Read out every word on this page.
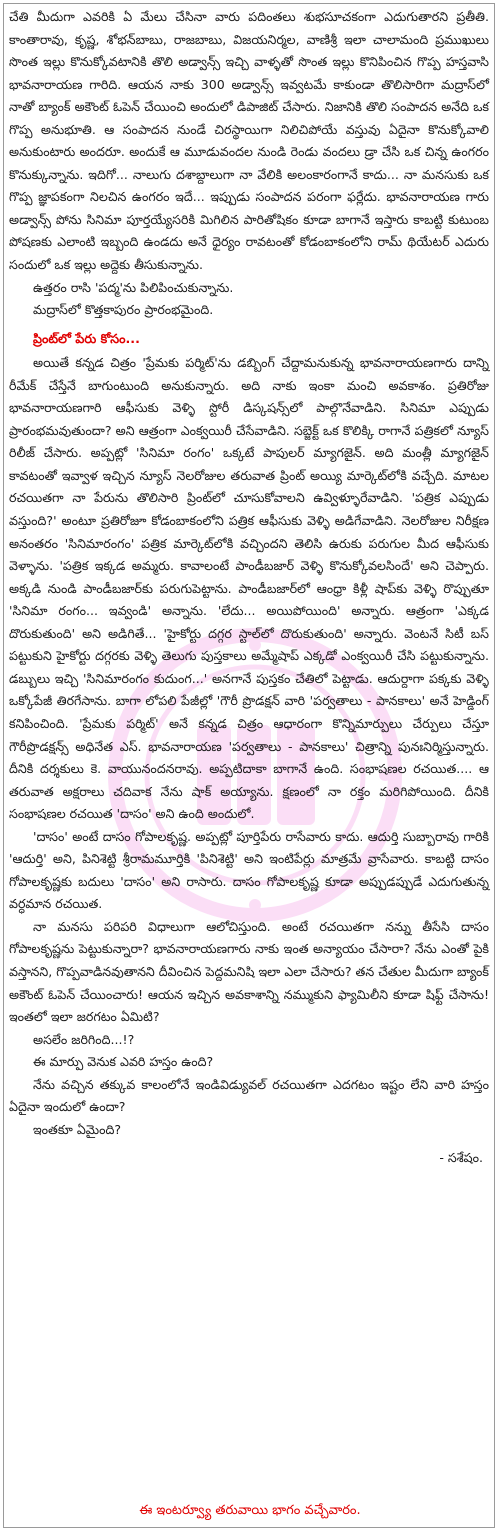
చేతి మీదుగా ఎవరికి ఏ మేలు చేసినా వారు పదింతలు శుభసూచకంగా ఎదుగుతారని ప్రతీతి. కాంతారావు, కృష్ణ, శోభన్‌బాబు, రాజబాబు, విజయనిర్మల, వాణిశ్రీ ఇలా చాలామంది ప్రముఖులు సొంత ఇల్లు కొనుక్కోవటానికి తొలి అడ్వాన్స్ ఇచ్చి వాళ్ళతో సొంత ఇల్లు కొనిపించిన గొప్ప హస్తవాసి భావనారాయణ గారిది. ఆయన నాకు 300 అడ్వాన్స్ ఇవ్వటమే కాకుండా తొలిసారిగా మద్రాస్‌లో నాతో బ్యాంక్ అకౌంట్ ఓపెన్ చేయించి అందులో డిపాజిట్ చేసారు. నిజానికి తొలి సంపాదన అనేది ఒక గొప్ప అనుభూతి. ఆ సంపాదన నుండే చిరస్థాయిగా నిలిచిపోయే వస్తువు ఏదైనా కొనుక్కోవాలి అనుకుంటారు అందరూ. అందుకే ఆ మూడువందల నుండి రెండు వందలు డ్రా చేసి ఒక చిన్న ఉంగరం కొనుక్కున్నాను. ఇదిగో... నాలుగు దశాబ్దాలుగా నా వేలికి అలంకారంగానే కాదు... నా మనసుకు ఒక గొప్ప జ్ఞాపకంగా నిలచిన ఉంగరం ఇదే... ఇప్పుడు సంపాదన పరంగా ఫర్లేదు. భావనారాయణ గారు అడ్వాన్స్ పోను సినిమా పూర్తయ్యేసరికి మిగిలిన పారితోషికం కూడా బాగానే ఇస్తారు కాబట్టి కుటుంబ పోషణకు ఎలాంటి ఇబ్బంది ఉండదు అనే ధైర్యం రావటంతో కోడంబాకంలోని రామ్ థియేటర్ ఎదురు సందులో ఒక ఇల్లు అద్దెకు తీసుకున్నాను.

ఉత్తరం రాసి 'పద్మ'ను పిలిపించుకున్నాను.

మద్రాస్‌లో కొత్తకాపురం ప్రారంభమైంది.

ప్రింట్‌లో పేరు కోసం...

అయితే కన్నడ చిత్రం 'ప్రేమకు పర్మిట్'ను డబ్బింగ్ చేద్దామనుకున్న భావనారాయణగారు దాన్ని రీమేక్ చేస్తేనే బాగుంటుంది అనుకున్నారు. అది నాకు ఇంకా మంచి అవకాశం. ప్రతిరోజు భావనారాయణగారి ఆఫీసుకు వెళ్ళి స్టోరీ డిస్కషన్స్‌లో పాల్గొనేవాడిని. సినిమా ఎప్పుడు ప్రారంభమవుతుందా? అని ఆత్రంగా ఎంక్వయిరీ చేసేవాడిని. సబ్జెక్ట్ ఒక కొలిక్కి రాగానే పత్రికలో న్యూస్ రిలీజ్ చేసారు. అప్పట్లో 'సినిమా రంగం' ఒక్కటే పాపులర్ మ్యాగజైన్. అది మంత్లీ మ్యాగజైన్ కావటంతో ఇవ్వాళ ఇచ్చిన న్యూస్ నెలరోజుల తరువాత ప్రింట్ అయ్యి మార్కెట్‌లోకి వచ్చేది. మాటల రచయితగా నా పేరును తొలిసారి ప్రింట్‌లో చూసుకోవాలని ఉవ్విళ్ళూరేవాడిని. 'పత్రిక ఎప్పుడు వస్తుంది?' అంటూ ప్రతిరోజూ కోడంబాకంలోని పత్రిక ఆఫీసుకు వెళ్ళి అడిగేవాడిని. నెలరోజుల నిరీక్షణ అనంతరం 'సినిమారంగం' పత్రిక మార్కెట్‌లోకి వచ్చిందని తెలిసి ఉరుకు పరుగుల మీద ఆఫీసుకు వెళ్ళాను. 'పత్రిక ఇక్కడ అమ్మరు. కావాలంటే పాండీబజార్ వెళ్ళి కొనుక్కోవలసిందే' అని చెప్పారు. అక్కడి నుండి పాండీబజార్‌కు పరుగుపెట్టాను. పాండీబజార్‌లో ఆంధ్రా కిళ్లీ షాప్‌కు వెళ్ళి రొప్పుతూ 'సినిమా రంగం... ఇవ్వండి' అన్నాను. 'లేదు... అయిపోయింది' అన్నారు. ఆత్రంగా 'ఎక్కడ దొరుకుతుంది' అని అడిగితే... 'హైకోర్టు దగ్గర స్టాల్‌లో దొరుకుతుంది' అన్నారు. వెంటనే సిటీ బస్ పట్టుకుని హైకోర్టు దగ్గరకు వెళ్ళి తెలుగు పుస్తకాలు అమ్మేషాప్ ఎక్కడో ఎంక్వయిరీ చేసి పట్టుకున్నాను. డబ్బులు ఇచ్చి 'సినిమారంగం కుదుంగ...' అనగానే పుస్తకం చేతిలో పెట్టాడు. ఆదుర్దాగా పక్కకు వెళ్ళి ఒక్కోపేజీ తిరగేసాను. బాగా లోపలి పేజీల్లో 'గౌరీ ప్రొడక్షన్ వారి 'పర్వతాలు - పానకాలు' అనే హెడ్డింగ్ కనిపించింది. 'ప్రేమకు పర్మిట్' అనే కన్నడ చిత్రం ఆధారంగా కొన్నిమార్పులు చేర్పులు చేస్తూ గౌరీప్రొడక్షన్స్ అధినేత ఎస్. భావనారాయణ 'పర్వతాలు - పానకాలు' చిత్రాన్ని పునఃనిర్మిస్తున్నారు. దీనికి దర్శకులు కె. వాయునందనరావు. అప్పటిదాకా బాగానే ఉంది. సంభాషణల రచయిత.... ఆ తరువాత అక్షరాలు చదివాక నేను షాక్ అయ్యాను. క్షణంలో నా రక్తం మరిగిపోయింది. దీనికి సంభాషణల రచయిత 'దాసం' అని ఉంది అందులో.

'దాసం' అంటే దాసం గోపాలకృష్ణ. అప్పట్లో పూర్తిపేరు రాసేవారు కాదు. ఆదుర్తి సుబ్బారావు గారికి 'ఆదుర్తి' అని, పినిశెట్టి శ్రీరామమూర్తికి 'పినిశెట్టి' అని ఇంటిపేర్లు మాత్రమే వ్రాసేవారు. కాబట్టి దాసం గోపాలకృష్ణకు బదులు 'దాసం' అని రాసారు. దాసం గోపాలకృష్ణ కూడా అప్పుడప్పుడే ఎదుగుతున్న వర్ధమాన రచయిత.

నా మనసు పరిపరి విధాలుగా ఆలోచిస్తుంది. అంటే రచయితగా నన్ను తీసేసి దాసం గోపాలకృష్ణను పెట్టుకున్నారా? భావనారాయణగారు నాకు ఇంత అన్యాయం చేసారా? నేను ఎంతో పైకి వస్తానని, గొప్పవాడినవుతానని దీవించిన పెద్దమనిషి ఇలా ఎలా చేసారు? తన చేతుల మీదుగా బ్యాంక్ అకౌంట్ ఓపెన్ చేయించారు! ఆయన ఇచ్చిన అవకాశాన్ని నమ్ముకుని ఫ్యామిలీని కూడా షిఫ్ట్ చేసాను! ఇంతలో ఇలా జరగటం ఏమిటి?

అసలేం జరిగింది...!?

ఈ మార్పు వెనుక ఎవరి హస్తం ఉంది?

నేను వచ్చిన తక్కువ కాలంలోనే ఇండివిడ్యువల్ రచయితగా ఎదగటం ఇష్టం లేని వారి హస్తం ఏదైనా ఇందులో ఉందా?

ఇంతకూ ఏమైంది?

- సశేషం.

ఈ ఇంటర్వ్యూ తరువాయి భాగం వచ్చేవారం.
